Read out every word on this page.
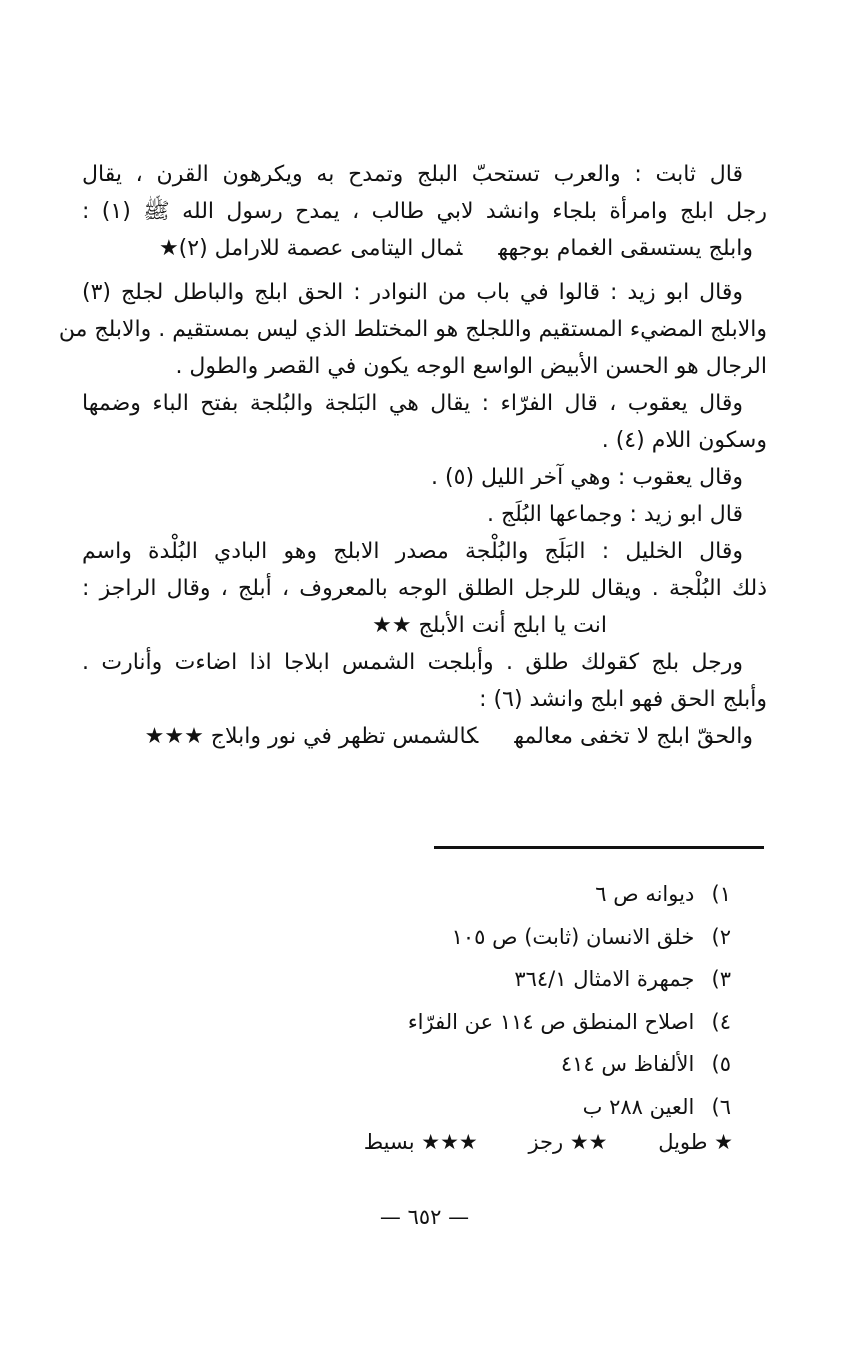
قال ثابت : والعرب تستحبّ البلج وتمدح به ويكرهون القرن ، يقال
رجل ابلج وامرأة بلجاء وانشد لابي طالب ، يمدح رسول الله ﷺ (١) :
وابلج يستسقى الغمام بوجههثمال اليتامى عصمة للارامل (٢)★
وقال ابو زيد : قالوا في باب من النوادر : الحق ابلج والباطل لجلج (٣)
والابلج المضيء المستقيم واللجلج هو المختلط الذي ليس بمستقيم . والابلج من
الرجال هو الحسن الأبيض الواسع الوجه يكون في القصر والطول .
وقال يعقوب ، قال الفرّاء : يقال هي البَلجة والبُلجة بفتح الباء وضمها
وسكون اللام (٤) .
وقال يعقوب : وهي آخر الليل (٥) .
قال ابو زيد : وجماعها البُلَج .
وقال الخليل : البَلَج والبُلْجة مصدر الابلج وهو البادي البُلْدة واسم
ذلك البُلْجة . ويقال للرجل الطلق الوجه بالمعروف ، أبلج ، وقال الراجز :
انت يا ابلج أنت الأبلج ★★
ورجل بلج كقولك طلق . وأبلجت الشمس ابلاجا اذا اضاءت وأنارت .
وأبلج الحق فهو ابلج وانشد (٦) :
والحقّ ابلج لا تخفى معالمهكالشمس تظهر في نور وابلاج ★★★
١) ديوانه ص ٦
٢) خلق الانسان (ثابت) ص ١٠٥
٣) جمهرة الامثال ٣٦٤/١
٤) اصلاح المنطق ص ١١٤ عن الفرّاء
٥) الألفاظ س ٤١٤
٦) العين ٢٨٨ ب
★ طويل ★★ رجز ★★★ بسيط
— ٦٥٢ —
